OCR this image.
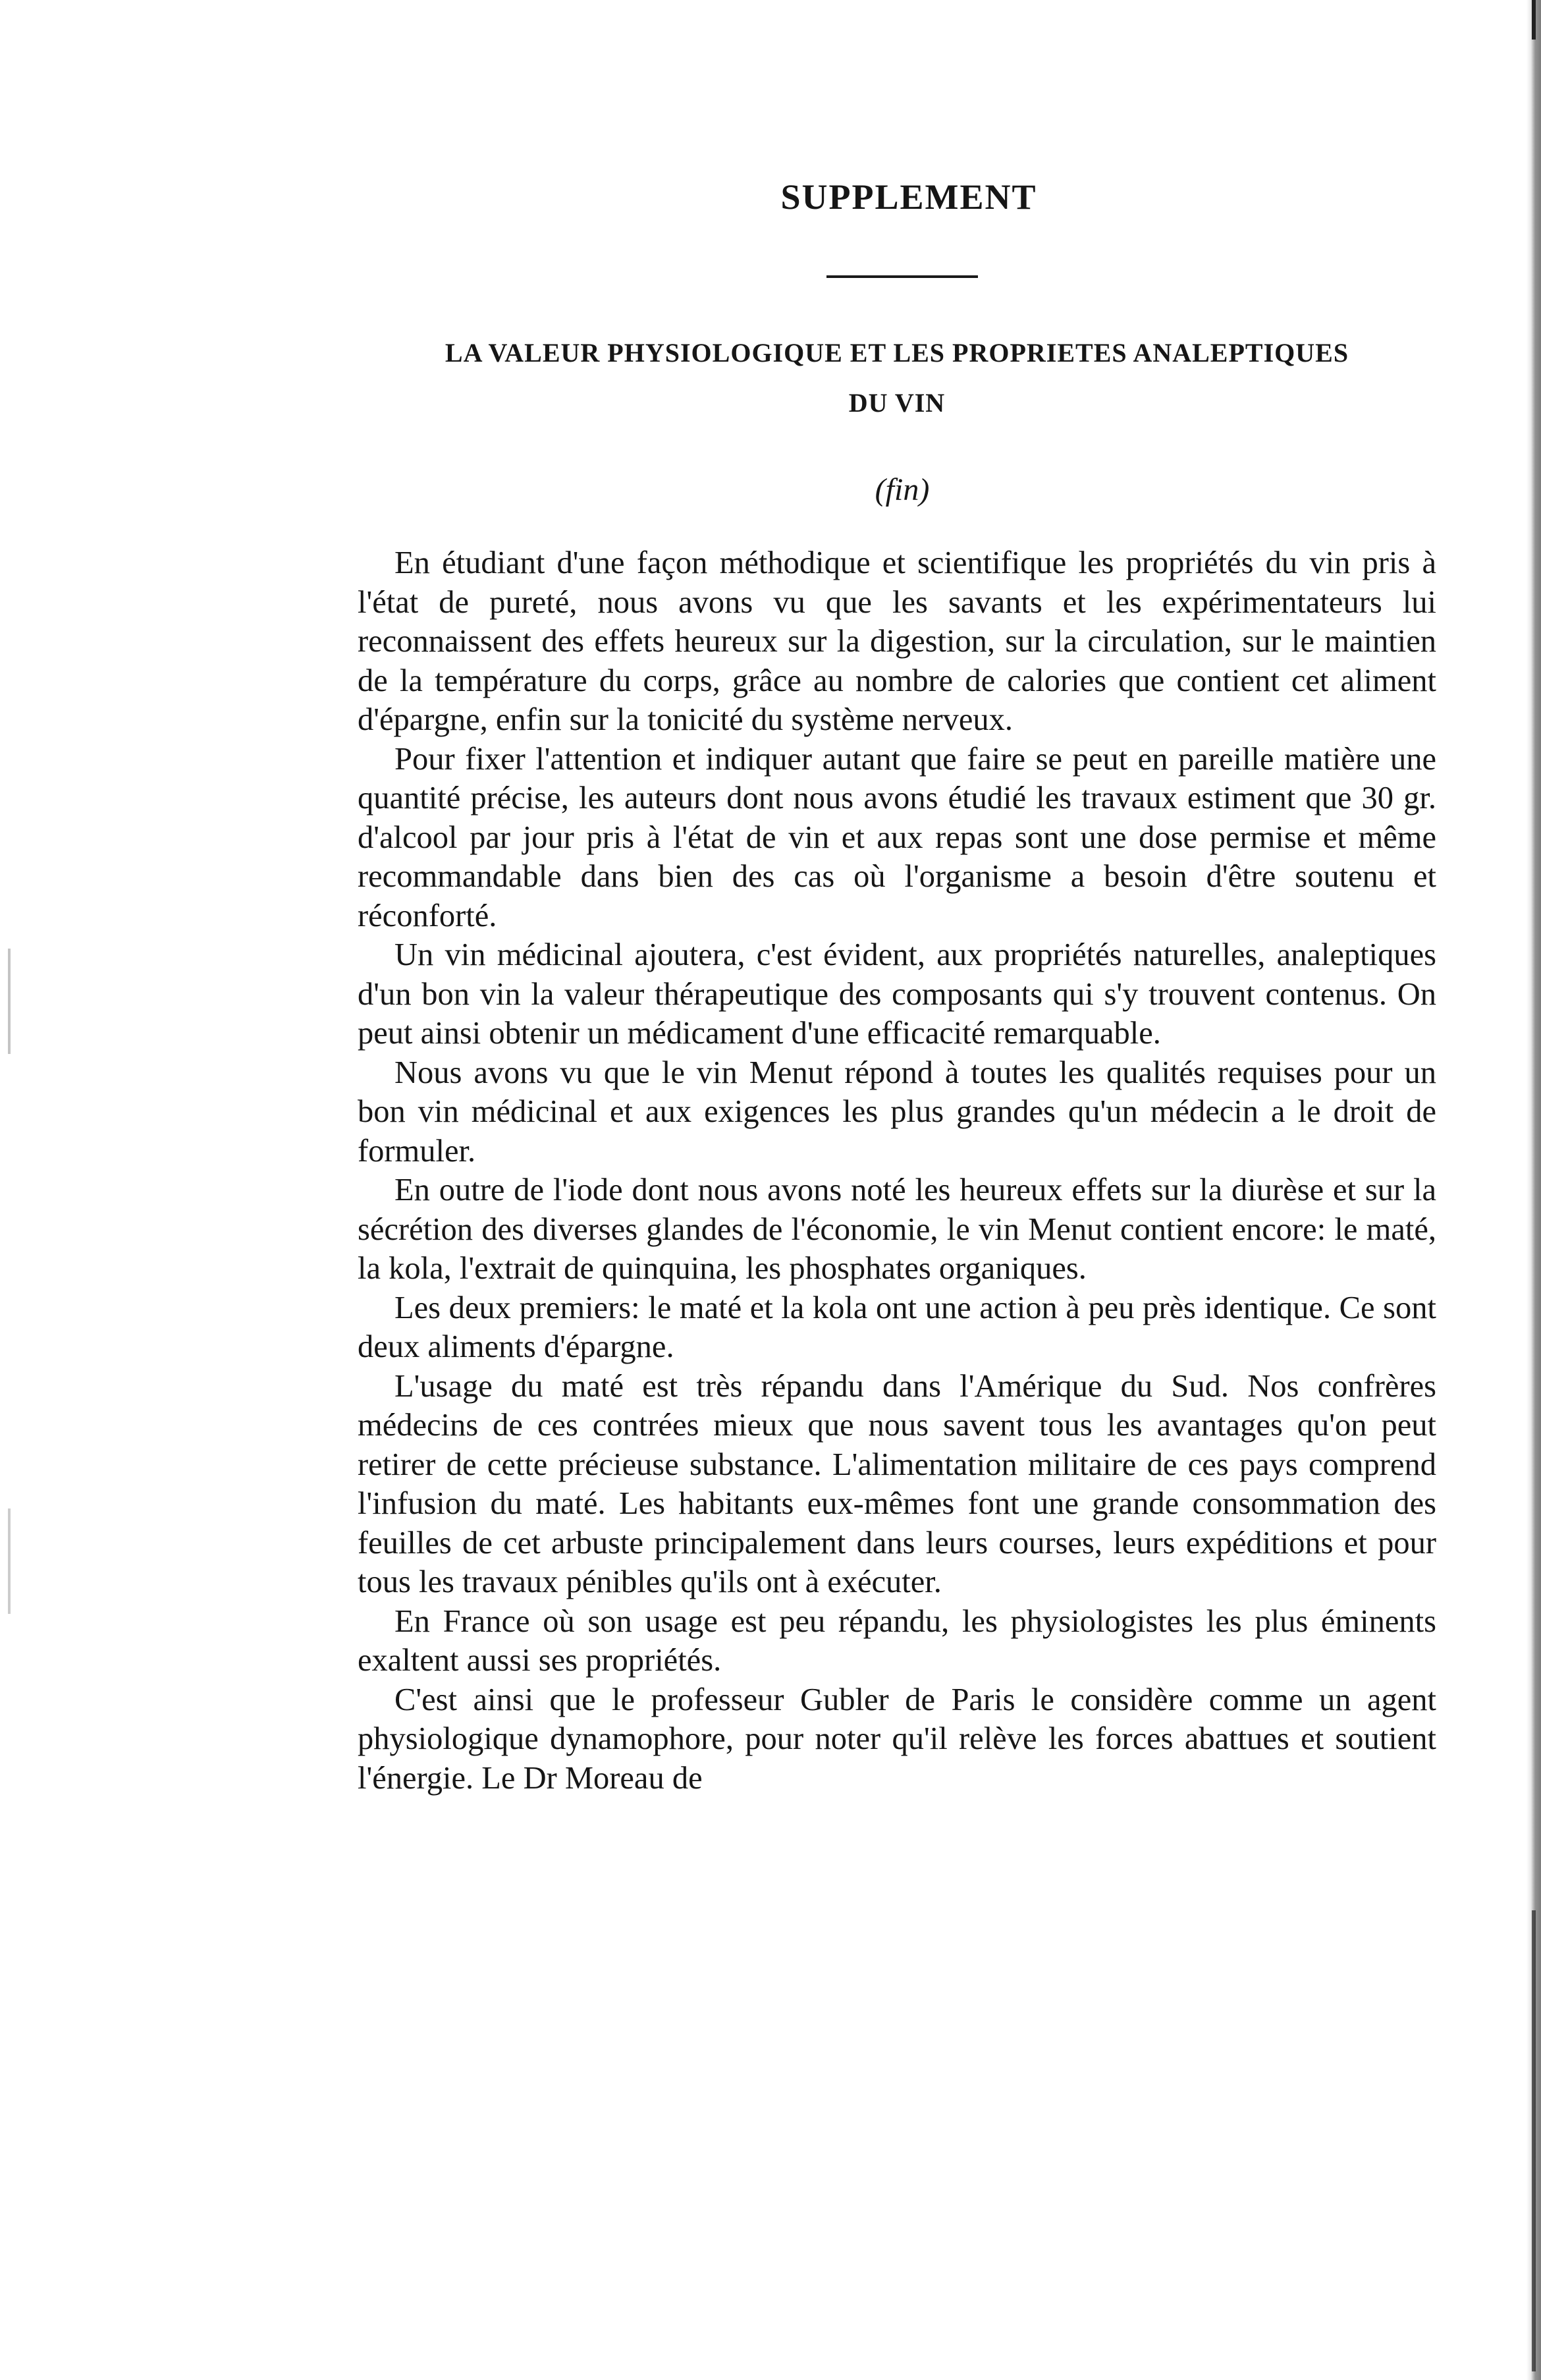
SUPPLEMENT
LA VALEUR PHYSIOLOGIQUE ET LES PROPRIETES ANALEPTIQUES
DU VIN
(fin)

En étudiant d'une façon méthodique et scientifique les propriétés du vin pris à l'état de pureté, nous avons vu que les savants et les expérimentateurs lui reconnaissent des effets heureux sur la digestion, sur la circulation, sur le maintien de la température du corps, grâce au nombre de calories que contient cet aliment d'épargne, enfin sur la tonicité du système nerveux.

Pour fixer l'attention et indiquer autant que faire se peut en pareille matière une quantité précise, les auteurs dont nous avons étudié les travaux estiment que 30 gr. d'alcool par jour pris à l'état de vin et aux repas sont une dose permise et même recommandable dans bien des cas où l'organisme a besoin d'être soutenu et réconforté.

Un vin médicinal ajoutera, c'est évident, aux propriétés naturelles, analeptiques d'un bon vin la valeur thérapeutique des composants qui s'y trouvent contenus. On peut ainsi obtenir un médicament d'une efficacité remarquable.

Nous avons vu que le vin Menut répond à toutes les qualités requises pour un bon vin médicinal et aux exigences les plus grandes qu'un médecin a le droit de formuler.

En outre de l'iode dont nous avons noté les heureux effets sur la diurèse et sur la sécrétion des diverses glandes de l'économie, le vin Menut contient encore: le maté, la kola, l'extrait de quinquina, les phosphates organiques.

Les deux premiers: le maté et la kola ont une action à peu près identique. Ce sont deux aliments d'épargne.

L'usage du maté est très répandu dans l'Amérique du Sud. Nos confrères médecins de ces contrées mieux que nous savent tous les avantages qu'on peut retirer de cette précieuse substance. L'alimentation militaire de ces pays comprend l'infusion du maté. Les habitants eux-mêmes font une grande consommation des feuilles de cet arbuste principalement dans leurs courses, leurs expéditions et pour tous les travaux pénibles qu'ils ont à exécuter.

En France où son usage est peu répandu, les physiologistes les plus éminents exaltent aussi ses propriétés.

C'est ainsi que le professeur Gubler de Paris le considère comme un agent physiologique dynamophore, pour noter qu'il relève les forces abattues et soutient l'énergie. Le Dr Moreau de
